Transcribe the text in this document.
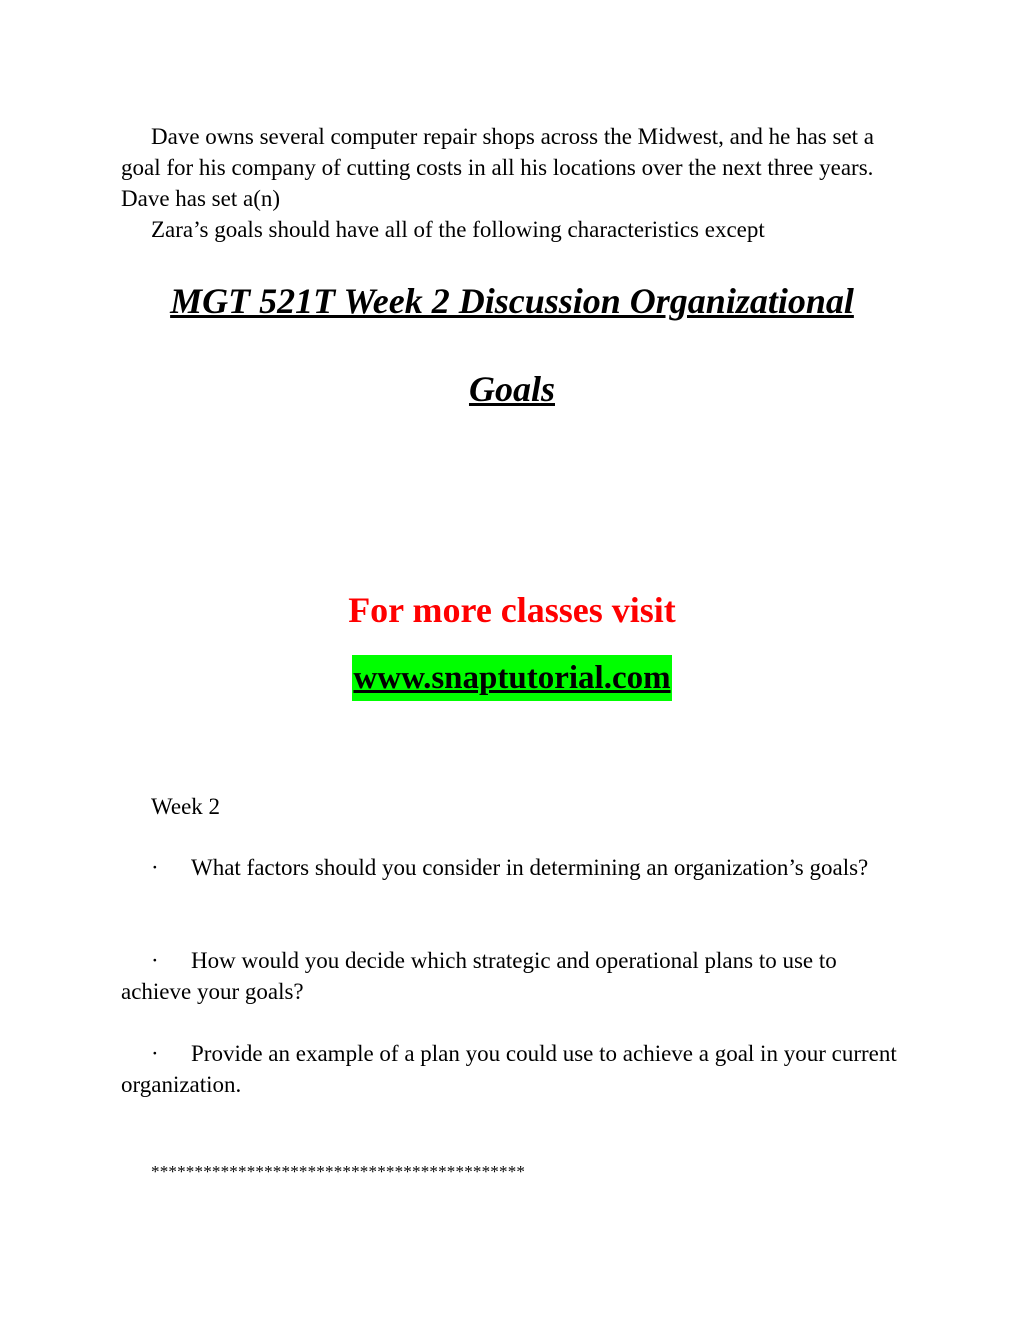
Dave owns several computer repair shops across the Midwest, and he has set a goal for his company of cutting costs in all his locations over the next three years. Dave has set a(n)
Zara’s goals should have all of the following characteristics except

MGT 521T Week 2 Discussion Organizational
Goals

For more classes visit

www.snaptutorial.com

Week 2

· What factors should you consider in determining an organization’s goals?

· How would you decide which strategic and operational plans to use to achieve your goals?

· Provide an example of a plan you could use to achieve a goal in your current organization.

*******************************************
